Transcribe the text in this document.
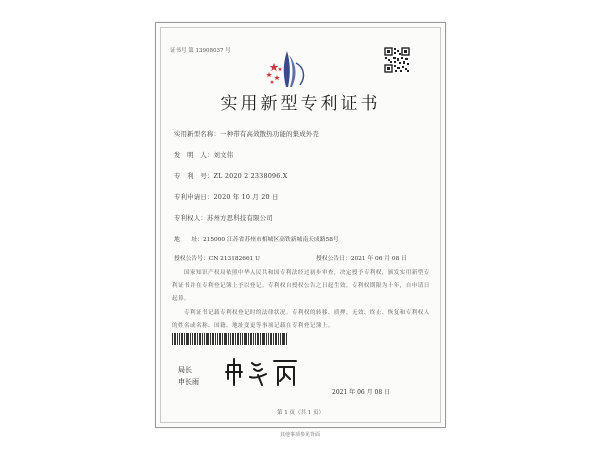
证书号 第 13908037 号
实用新型专利证书
实用新型名称：一种带有高效散热功能的集成外壳
发　明　人：刘文伟
专　利　号：ZL 2020 2 2338096.X
专利申请日：2020 年 10 月 20 日
专利权人：苏州方思科技有限公司
地　　址：215000 江苏省苏州市相城区高铁新城南天成路58号
授权公告号：CN 213182661 U	授权公告日：2021 年 06 月 08 日
国家知识产权局依照中华人民共和国专利法经过初步审查，决定授予专利权，颁发实用新型专利证书并在专利登记簿上予以登记。专利权自授权公告之日起生效。专利权期限为十年，自申请日起算。
专利证书记载专利权登记时的法律状况。专利权的转移、质押、无效、终止、恢复和专利权人的姓名或名称、国籍、地址变更等事项记载在专利登记簿上。
局长
申长雨
2021 年 06 月 08 日
第 1 页（共 1 页）
其他事项参见背面
